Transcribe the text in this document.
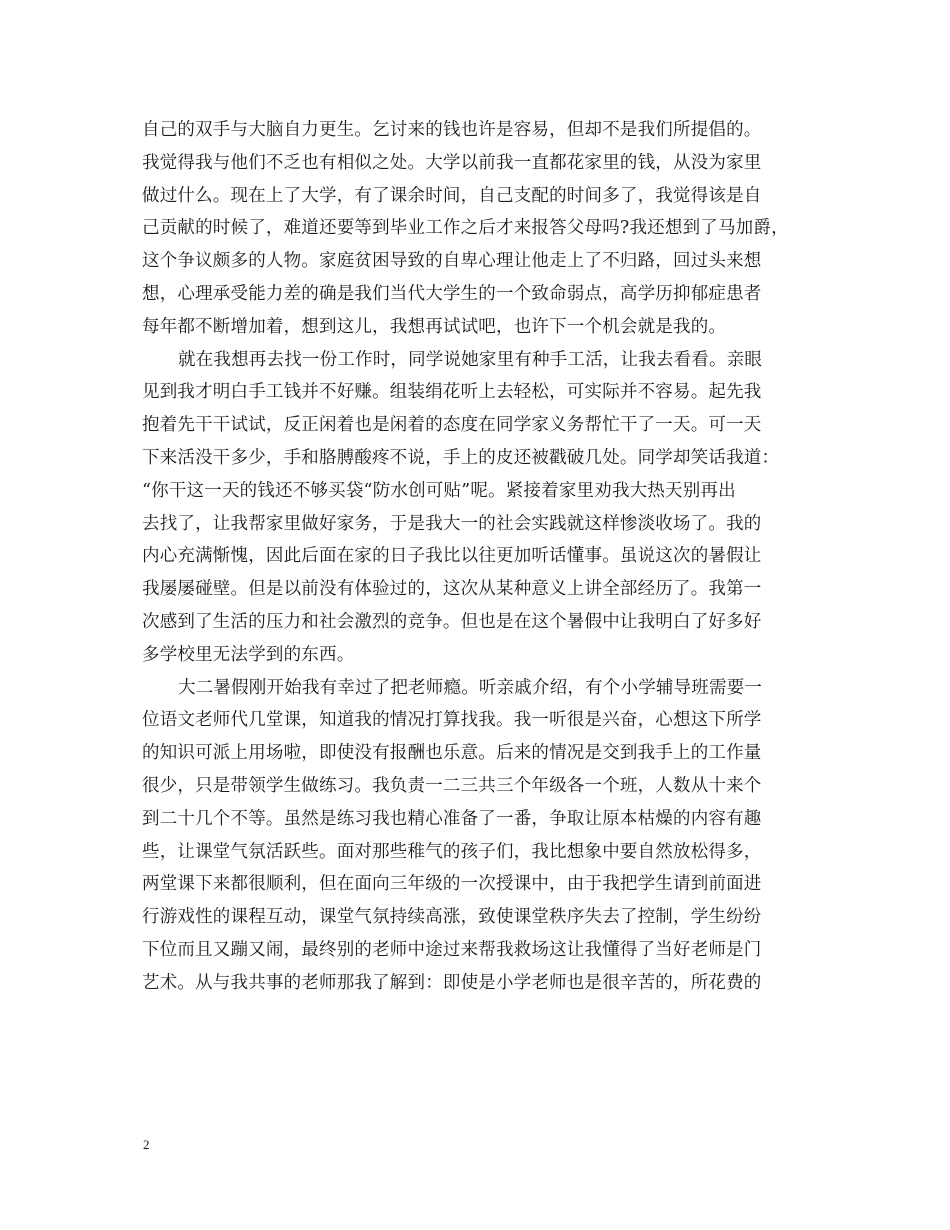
自己的双手与大脑自力更生。乞讨来的钱也许是容易，但却不是我们所提倡的。
我觉得我与他们不乏也有相似之处。大学以前我一直都花家里的钱，从没为家里
做过什么。现在上了大学，有了课余时间，自己支配的时间多了，我觉得该是自
己贡献的时候了，难道还要等到毕业工作之后才来报答父母吗?我还想到了马加爵，
这个争议颇多的人物。家庭贫困导致的自卑心理让他走上了不归路，回过头来想
想，心理承受能力差的确是我们当代大学生的一个致命弱点，高学历抑郁症患者
每年都不断增加着，想到这儿，我想再试试吧，也许下一个机会就是我的。
就在我想再去找一份工作时，同学说她家里有种手工活，让我去看看。亲眼
见到我才明白手工钱并不好赚。组装绢花听上去轻松，可实际并不容易。起先我
抱着先干干试试，反正闲着也是闲着的态度在同学家义务帮忙干了一天。可一天
下来活没干多少，手和胳膊酸疼不说，手上的皮还被戳破几处。同学却笑话我道：
“你干这一天的钱还不够买袋“防水创可贴”呢。紧接着家里劝我大热天别再出
去找了，让我帮家里做好家务，于是我大一的社会实践就这样惨淡收场了。我的
内心充满惭愧，因此后面在家的日子我比以往更加听话懂事。虽说这次的暑假让
我屡屡碰壁。但是以前没有体验过的，这次从某种意义上讲全部经历了。我第一
次感到了生活的压力和社会激烈的竞争。但也是在这个暑假中让我明白了好多好
多学校里无法学到的东西。
大二暑假刚开始我有幸过了把老师瘾。听亲戚介绍，有个小学辅导班需要一
位语文老师代几堂课，知道我的情况打算找我。我一听很是兴奋，心想这下所学
的知识可派上用场啦，即使没有报酬也乐意。后来的情况是交到我手上的工作量
很少，只是带领学生做练习。我负责一二三共三个年级各一个班，人数从十来个
到二十几个不等。虽然是练习我也精心准备了一番，争取让原本枯燥的内容有趣
些，让课堂气氛活跃些。面对那些稚气的孩子们，我比想象中要自然放松得多，
两堂课下来都很顺利，但在面向三年级的一次授课中，由于我把学生请到前面进
行游戏性的课程互动，课堂气氛持续高涨，致使课堂秩序失去了控制，学生纷纷
下位而且又蹦又闹，最终别的老师中途过来帮我救场这让我懂得了当好老师是门
艺术。从与我共事的老师那我了解到：即使是小学老师也是很辛苦的，所花费的
2
